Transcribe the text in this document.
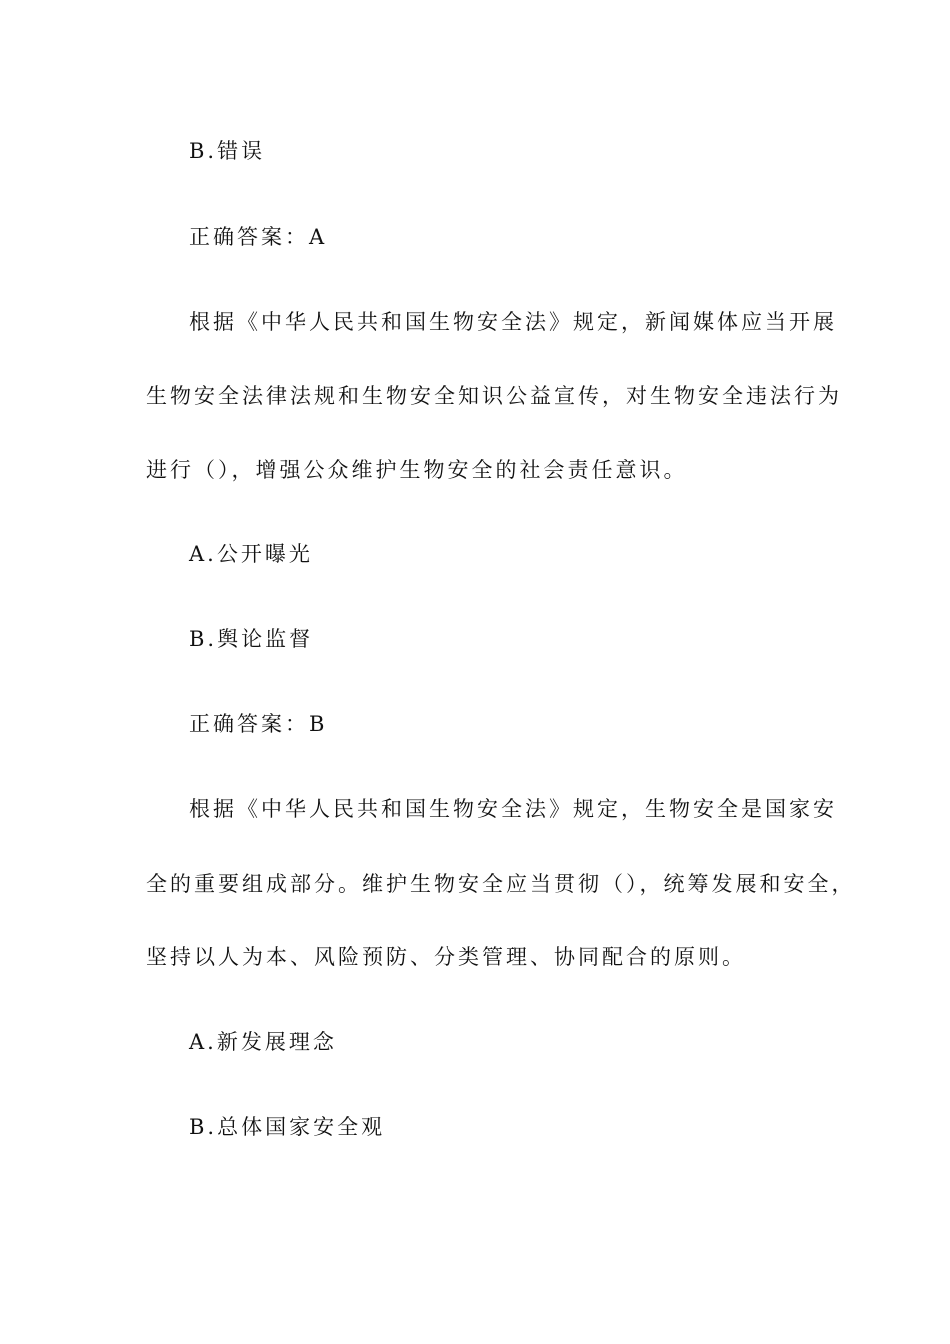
B.错误
正确答案：A
根据《中华人民共和国生物安全法》规定，新闻媒体应当开展
生物安全法律法规和生物安全知识公益宣传，对生物安全违法行为
进行（），增强公众维护生物安全的社会责任意识。
A.公开曝光
B.舆论监督
正确答案：B
根据《中华人民共和国生物安全法》规定，生物安全是国家安
全的重要组成部分。维护生物安全应当贯彻（），统筹发展和安全，
坚持以人为本、风险预防、分类管理、协同配合的原则。
A.新发展理念
B.总体国家安全观
